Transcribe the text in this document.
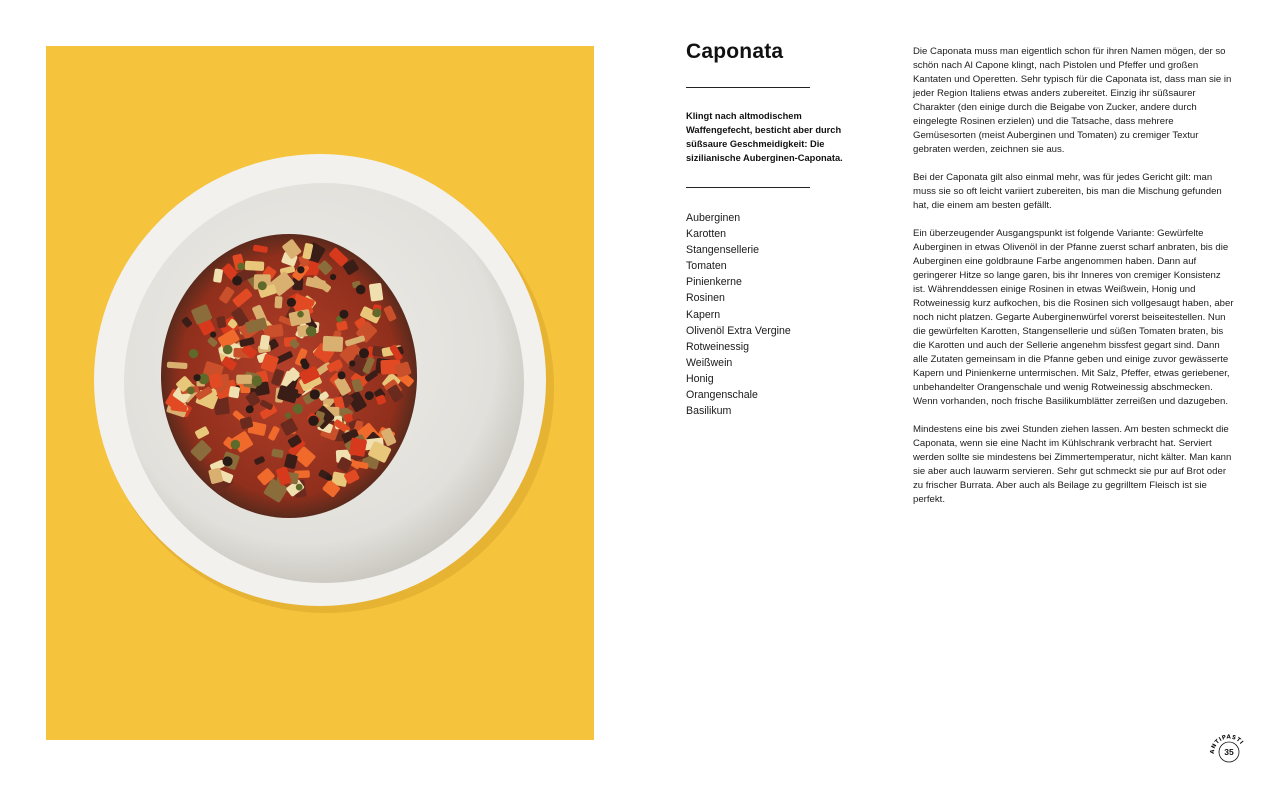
Caponata

Klingt nach altmodischem Waffengefecht, besticht aber durch süßsaure Geschmeidigkeit: Die sizilianische Auberginen-Caponata.

Auberginen
Karotten
Stangensellerie
Tomaten
Pinienkerne
Rosinen
Kapern
Olivenöl Extra Vergine
Rotweinessig
Weißwein
Honig
Orangenschale
Basilikum

Die Caponata muss man eigentlich schon für ihren Namen mögen, der so schön nach Al Capone klingt, nach Pistolen und Pfeffer und großen Kantaten und Operetten. Sehr typisch für die Caponata ist, dass man sie in jeder Region Italiens etwas anders zubereitet. Einzig ihr süßsaurer Charakter (den einige durch die Beigabe von Zucker, andere durch eingelegte Rosinen erzielen) und die Tatsache, dass mehrere Gemüsesorten (meist Auberginen und Tomaten) zu cremiger Textur gebraten werden, zeichnen sie aus.

Bei der Caponata gilt also einmal mehr, was für jedes Gericht gilt: man muss sie so oft leicht variiert zubereiten, bis man die Mischung gefunden hat, die einem am besten gefällt.

Ein überzeugender Ausgangspunkt ist folgende Variante: Gewürfelte Auberginen in etwas Olivenöl in der Pfanne zuerst scharf anbraten, bis die Auberginen eine goldbraune Farbe angenommen haben. Dann auf geringerer Hitze so lange garen, bis ihr Inneres von cremiger Konsistenz ist. Währenddessen einige Rosinen in etwas Weißwein, Honig und Rotweinessig kurz aufkochen, bis die Rosinen sich vollgesaugt haben, aber noch nicht platzen. Gegarte Auberginenwürfel vorerst beiseitestellen. Nun die gewürfelten Karotten, Stangensellerie und süßen Tomaten braten, bis die Karotten und auch der Sellerie angenehm bissfest gegart sind. Dann alle Zutaten gemeinsam in die Pfanne geben und einige zuvor gewässerte Kapern und Pinienkerne untermischen. Mit Salz, Pfeffer, etwas geriebener, unbehandelter Orangenschale und wenig Rotweinessig abschmecken. Wenn vorhanden, noch frische Basilikumblätter zerreißen und dazugeben.

Mindestens eine bis zwei Stunden ziehen lassen. Am besten schmeckt die Caponata, wenn sie eine Nacht im Kühlschrank verbracht hat. Serviert werden sollte sie mindestens bei Zimmertemperatur, nicht kälter. Man kann sie aber auch lauwarm servieren. Sehr gut schmeckt sie pur auf Brot oder zu frischer Burrata. Aber auch als Beilage zu gegrilltem Fleisch ist sie perfekt.

ANTIPASTI
35
